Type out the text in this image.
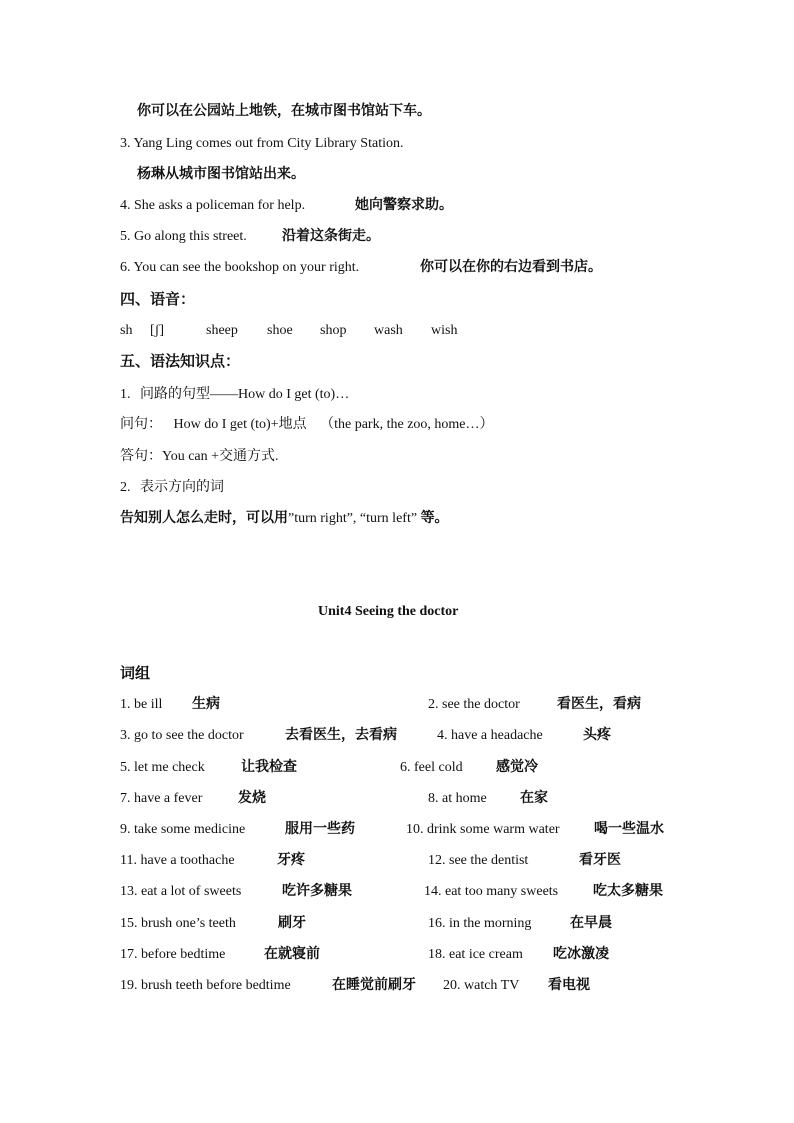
你可以在公园站上地铁，在城市图书馆站下车。
3. Yang Ling comes out from City Library Station.
杨琳从城市图书馆站出来。
4. She asks a policeman for help.	她向警察求助。
5. Go along this street.	沿着这条街走。
6. You can see the bookshop on your right.	你可以在你的右边看到书店。
四、语音：
sh [ʃ]	sheep shoe shop wash wish
五、语法知识点：
1. 问路的句型——How do I get (to)…
问句： How do I get (to)+地点 （the park, the zoo, home…）
答句：You can +交通方式.
2. 表示方向的词
告知别人怎么走时，可以用”turn right”, “turn left” 等。
Unit4 Seeing the doctor
词组
1. be ill 生病	2. see the doctor	看医生，看病
3. go to see the doctor	去看医生，去看病	4. have a headache	头疼
5. let me check	让我检查	6. feel cold 感觉冷
7. have a fever	发烧	8. at home 在家
9. take some medicine	服用一些药	10. drink some warm water 喝一些温水
11. have a toothache	牙疼	12. see the dentist	看牙医
13. eat a lot of sweets	吃许多糖果	14. eat too many sweets 吃太多糖果
15. brush one’s teeth	刷牙	16. in the morning	在早晨
17. before bedtime	在就寝前	18. eat ice cream 吃冰激凌
19. brush teeth before bedtime	在睡觉前刷牙 20. watch TV 看电视
